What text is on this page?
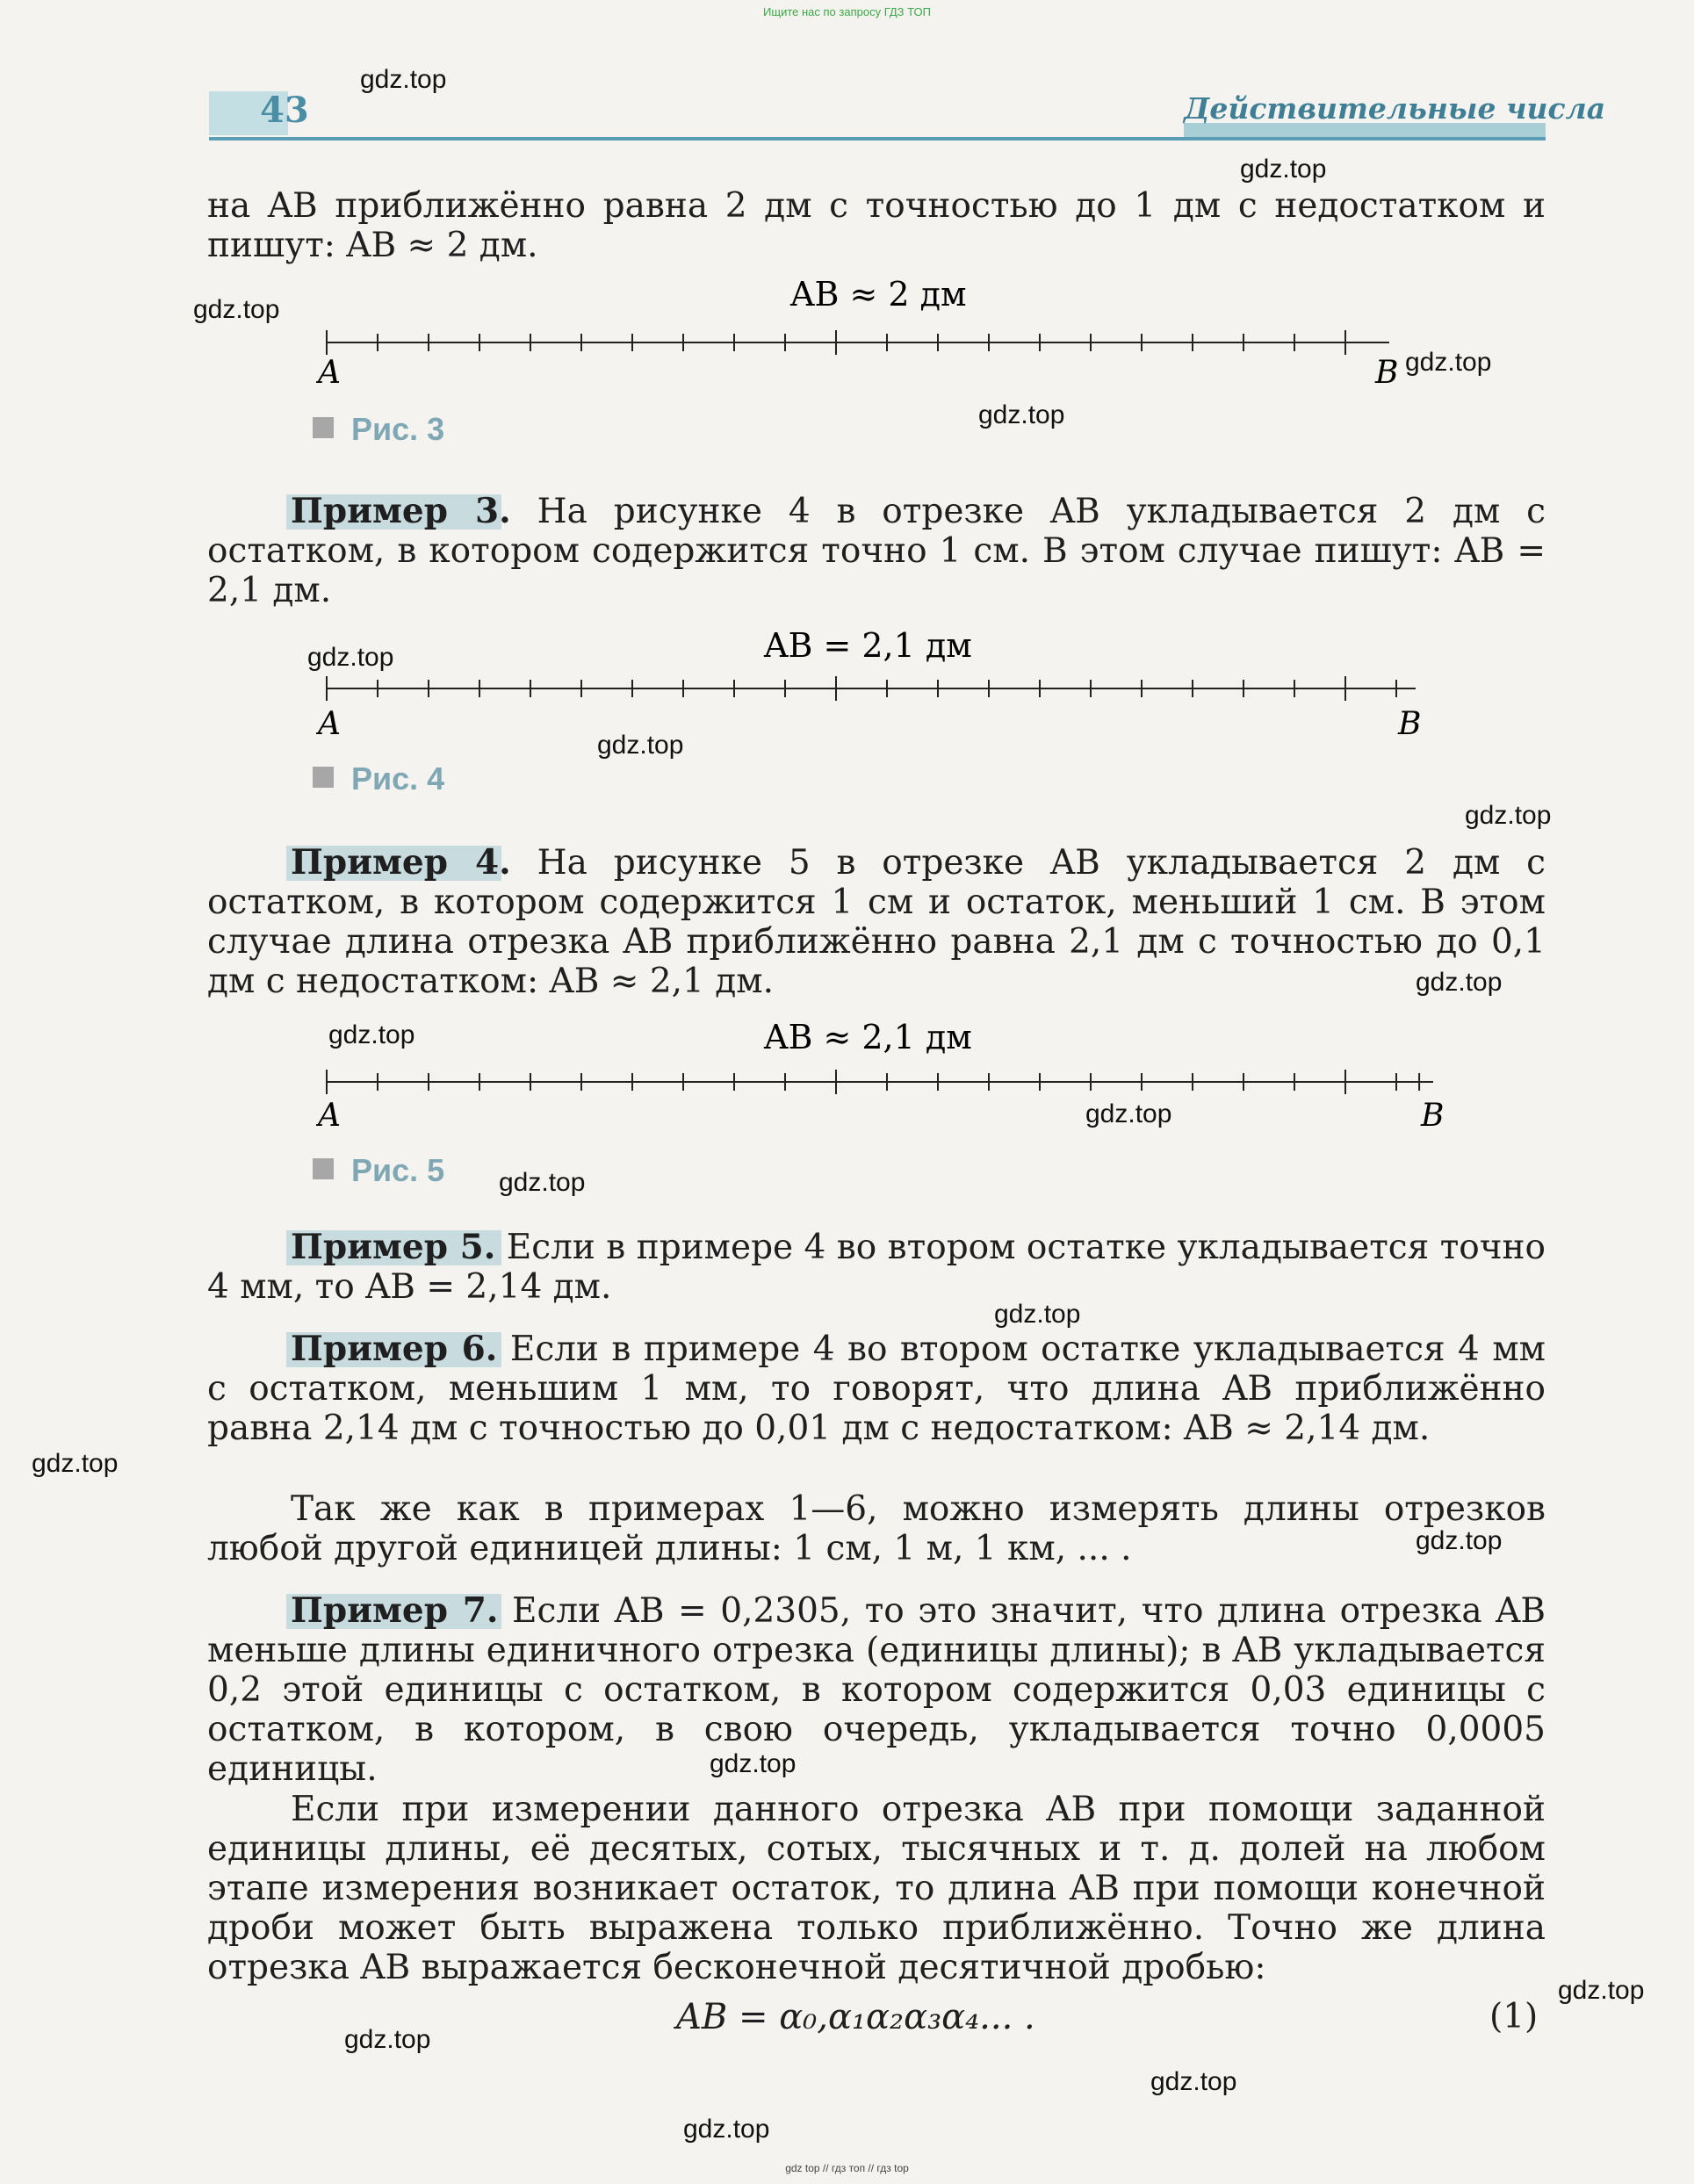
Ищите нас по запросу ГДЗ ТОП
43	Действительные числа
на AB приближённо равна 2 дм с точностью до 1 дм с недостатком и пишут: AB ≈ 2 дм.
AB ≈ 2 дм
A	B
Рис. 3
Пример 3. На рисунке 4 в отрезке AB укладывается 2 дм с остатком, в котором содержится точно 1 см. В этом случае пишут: AB = 2,1 дм.
AB = 2,1 дм
A	B
Рис. 4
Пример 4. На рисунке 5 в отрезке AB укладывается 2 дм с остатком, в котором содержится 1 см и остаток, меньший 1 см. В этом случае длина отрезка AB приближённо равна 2,1 дм с точностью до 0,1 дм с недостатком: AB ≈ 2,1 дм.
AB ≈ 2,1 дм
A	B
Рис. 5
Пример 5. Если в примере 4 во втором остатке укладывается точно 4 мм, то AB = 2,14 дм.
Пример 6. Если в примере 4 во втором остатке укладывается 4 мм с остатком, меньшим 1 мм, то говорят, что длина AB приближённо равна 2,14 дм с точностью до 0,01 дм с недостатком: AB ≈ 2,14 дм.
Так же как в примерах 1—6, можно измерять длины отрезков любой другой единицей длины: 1 см, 1 м, 1 км, ... .
Пример 7. Если AB = 0,2305, то это значит, что длина отрезка AB меньше длины единичного отрезка (единицы длины); в AB укладывается 0,2 этой единицы с остатком, в котором содержится 0,03 единицы с остатком, в котором, в свою очередь, укладывается точно 0,0005 единицы.
Если при измерении данного отрезка AB при помощи заданной единицы длины, её десятых, сотых, тысячных и т. д. долей на любом этапе измерения возникает остаток, то длина AB при помощи конечной дроби может быть выражена только приближённо. Точно же длина отрезка AB выражается бесконечной десятичной дробью:
AB = α₀,α₁α₂α₃α₄... .	(1)
gdz.top
gdz.top
gdz.top
gdz.top
gdz.top
gdz.top
gdz.top
gdz.top
gdz.top
gdz.top
gdz.top
gdz.top
gdz.top
gdz.top
gdz.top
gdz.top
gdz.top
gdz.top
gdz.top
gdz.top
gdz top // гдз топ // гдз top
